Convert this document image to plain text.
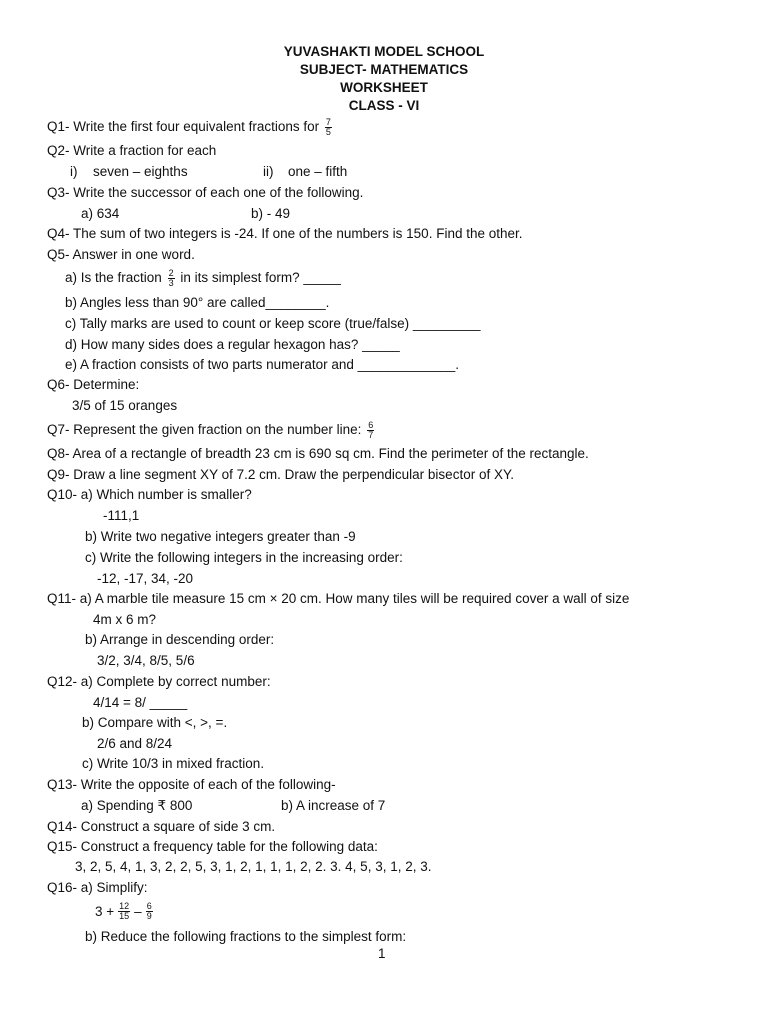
YUVASHAKTI MODEL SCHOOL
SUBJECT- MATHEMATICS
WORKSHEET
CLASS - VI
Q1- Write the first four equivalent fractions for $\frac{7}{5}$
Q2- Write a fraction for each
i) seven – eighths	ii) one – fifth
Q3- Write the successor of each one of the following.
a) 634	b) - 49
Q4- The sum of two integers is -24. If one of the numbers is 150. Find the other.
Q5- Answer in one word.
a) Is the fraction $\frac{2}{3}$ in its simplest form? _____
b) Angles less than 90° are called________.
c) Tally marks are used to count or keep score (true/false) _________
d) How many sides does a regular hexagon has? _____
e) A fraction consists of two parts numerator and _____________.
Q6- Determine:
3/5 of 15 oranges
Q7- Represent the given fraction on the number line: $\frac{6}{7}$
Q8- Area of a rectangle of breadth 23 cm is 690 sq cm. Find the perimeter of the rectangle.
Q9- Draw a line segment XY of 7.2 cm. Draw the perpendicular bisector of XY.
Q10- a) Which number is smaller?
-111,1
b) Write two negative integers greater than -9
c) Write the following integers in the increasing order:
-12, -17, 34, -20
Q11- a) A marble tile measure 15 cm × 20 cm. How many tiles will be required cover a wall of size
4m x 6 m?
b) Arrange in descending order:
3/2, 3/4, 8/5, 5/6
Q12- a) Complete by correct number:
4/14 = 8/ _____
b) Compare with <, >, =.
2/6 and 8/24
c) Write 10/3 in mixed fraction.
Q13- Write the opposite of each of the following-
a) Spending ₹ 800	b) A increase of 7
Q14- Construct a square of side 3 cm.
Q15- Construct a frequency table for the following data:
3, 2, 5, 4, 1, 3, 2, 2, 5, 3, 1, 2, 1, 1, 1, 2, 2. 3. 4, 5, 3, 1, 2, 3.
Q16- a) Simplify:
$3 + \frac{12}{15} - \frac{6}{9}$
b) Reduce the following fractions to the simplest form:
1
